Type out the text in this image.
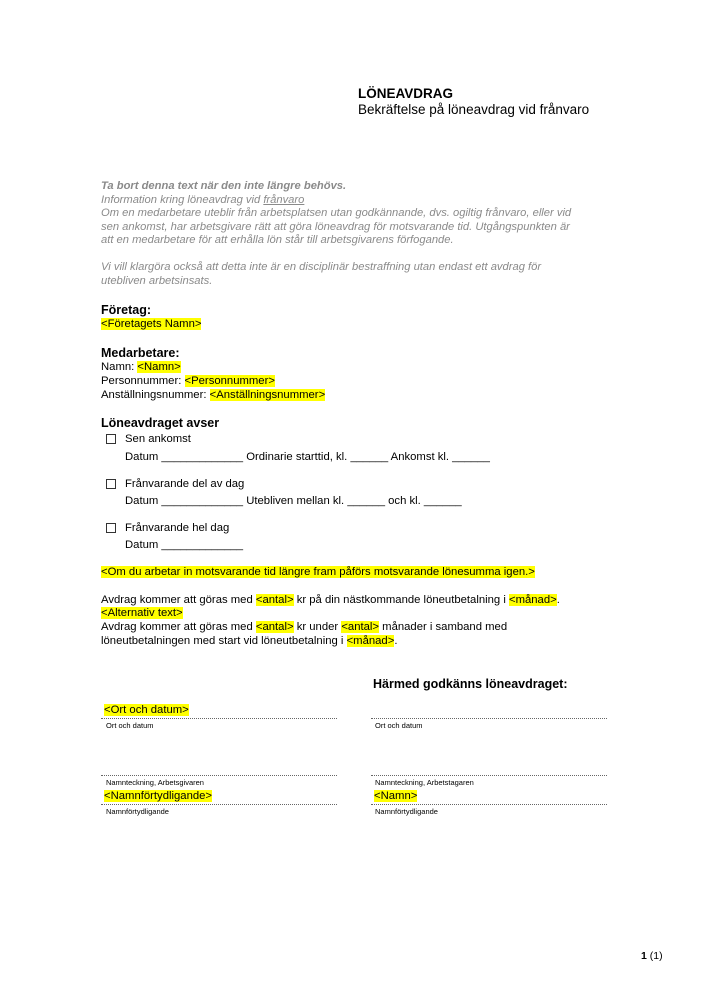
LÖNEAVDRAG
Bekräftelse på löneavdrag vid frånvaro
Ta bort denna text när den inte längre behövs.
Information kring löneavdrag vid frånvaro
Om en medarbetare uteblir från arbetsplatsen utan godkännande, dvs. ogiltig frånvaro, eller vid
sen ankomst, har arbetsgivare rätt att göra löneavdrag för motsvarande tid. Utgångspunkten är
att en medarbetare för att erhålla lön står till arbetsgivarens förfogande.
Vi vill klargöra också att detta inte är en disciplinär bestraffning utan endast ett avdrag för
utebliven arbetsinsats.
Företag:
<Företagets Namn>
Medarbetare:
Namn: <Namn>
Personnummer: <Personnummer>
Anställningsnummer: <Anställningsnummer>
Löneavdraget avser
Sen ankomst
Datum _____________ Ordinarie starttid, kl. ______ Ankomst kl. ______
Frånvarande del av dag
Datum _____________ Utebliven mellan kl. ______ och kl. ______
Frånvarande hel dag
Datum _____________
<Om du arbetar in motsvarande tid längre fram påförs motsvarande lönesumma igen.>
Avdrag kommer att göras med <antal> kr på din nästkommande löneutbetalning i <månad>.
<Alternativ text>
Avdrag kommer att göras med <antal> kr under <antal> månader i samband med
löneutbetalningen med start vid löneutbetalning i <månad>.
Härmed godkänns löneavdraget:
<Ort och datum>
Ort och datum	Ort och datum
Namnteckning, Arbetsgivaren	Namnteckning, Arbetstagaren
<Namnförtydligande>	<Namn>
Namnförtydligande	Namnförtydligande
1 (1)
